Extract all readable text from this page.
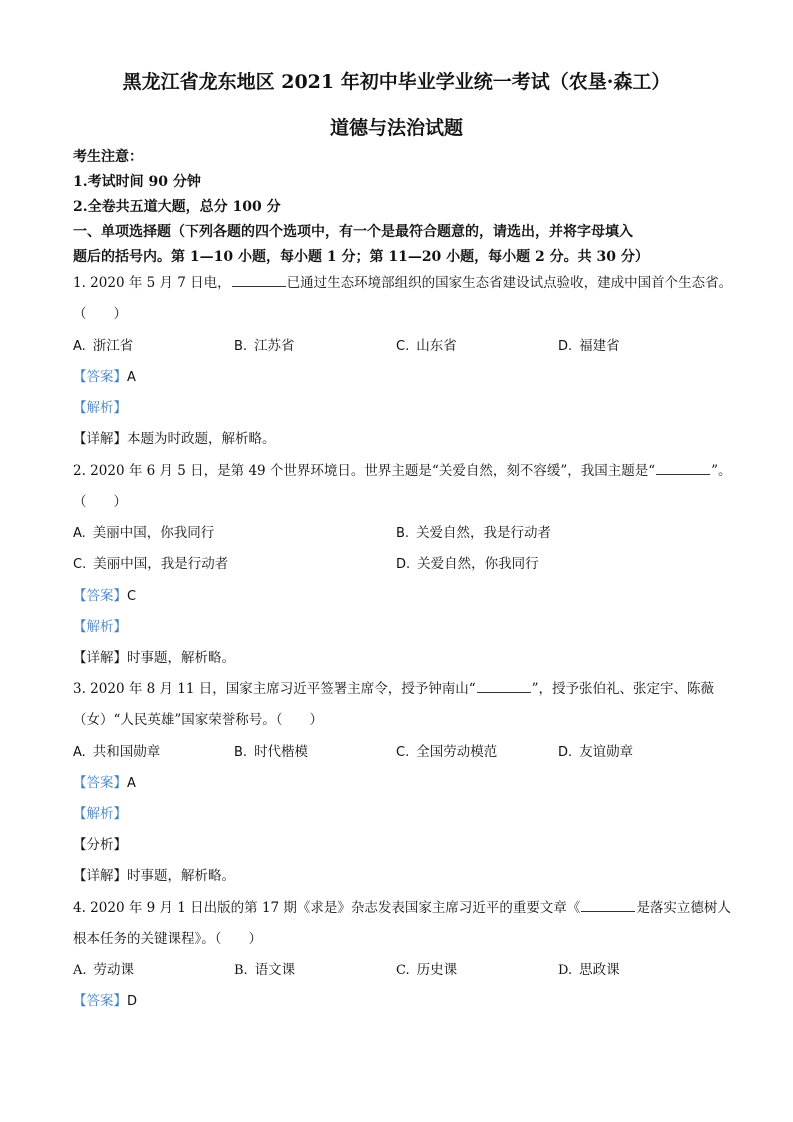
黑龙江省龙东地区 2021 年初中毕业学业统一考试（农垦·森工）
道德与法治试题
考生注意：
1.考试时间 90 分钟
2.全卷共五道大题，总分 100 分
一、单项选择题（下列各题的四个选项中，有一个是最符合题意的，请选出，并将字母填入
题后的括号内。第 1—10 小题，每小题 1 分；第 11—20 小题，每小题 2 分。共 30 分）
1. 2020 年 5 月 7 日电，	已通过生态环境部组织的国家生态省建设试点验收，建成中国首个生态省。
（　　）
A. 浙江省	B. 江苏省	C. 山东省	D. 福建省
【答案】A
【解析】
【详解】本题为时政题，解析略。
2. 2020 年 6 月 5 日，是第 49 个世界环境日。世界主题是“关爱自然，刻不容缓”，我国主题是“	”。
（　　）
A. 美丽中国，你我同行	B. 关爱自然，我是行动者
C. 美丽中国，我是行动者	D. 关爱自然，你我同行
【答案】C
【解析】
【详解】时事题，解析略。
3. 2020 年 8 月 11 日，国家主席习近平签署主席令，授予钟南山“	”，授予张伯礼、张定宇、陈薇
（女）“人民英雄”国家荣誉称号。（　　）
A. 共和国勋章	B. 时代楷模	C. 全国劳动模范	D. 友谊勋章
【答案】A
【解析】
【分析】
【详解】时事题，解析略。
4. 2020 年 9 月 1 日出版的第 17 期《求是》杂志发表国家主席习近平的重要文章《	是落实立德树人
根本任务的关键课程》。（　　）
A. 劳动课	B. 语文课	C. 历史课	D. 思政课
【答案】D
